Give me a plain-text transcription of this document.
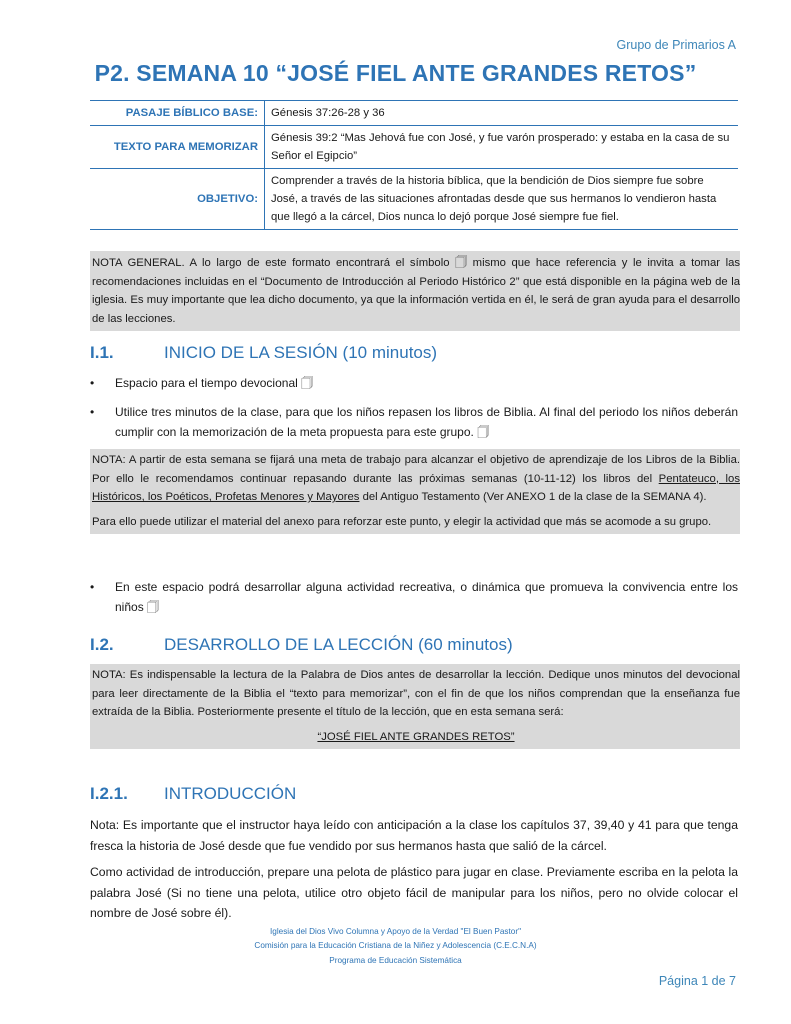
Grupo de Primarios A
P2. SEMANA 10 “JOSÉ FIEL ANTE GRANDES RETOS”
PASAJE BÍBLICO BASE:	Génesis 37:26-28 y 36
TEXTO PARA MEMORIZAR	Génesis 39:2 “Mas Jehová fue con José, y fue varón prosperado: y estaba en la casa de su Señor el Egipcio”
OBJETIVO:	Comprender a través de la historia bíblica, que la bendición de Dios siempre fue sobre José, a través de las situaciones afrontadas desde que sus hermanos lo vendieron hasta que llegó a la cárcel, Dios nunca lo dejó porque José siempre fue fiel.
NOTA GENERAL. A lo largo de este formato encontrará el símbolo 🗍 mismo que hace referencia y le invita a tomar las recomendaciones incluidas en el “Documento de Introducción al Periodo Histórico 2” que está disponible en la página web de la iglesia. Es muy importante que lea dicho documento, ya que la información vertida en él, le será de gran ayuda para el desarrollo de las lecciones.
I.1.	INICIO DE LA SESIÓN (10 minutos)
• Espacio para el tiempo devocional 🗍
• Utilice tres minutos de la clase, para que los niños repasen los libros de Biblia. Al final del periodo los niños deberán cumplir con la memorización de la meta propuesta para este grupo. 🗍
NOTA: A partir de esta semana se fijará una meta de trabajo para alcanzar el objetivo de aprendizaje de los Libros de la Biblia. Por ello le recomendamos continuar repasando durante las próximas semanas (10-11-12) los libros del Pentateuco, los Históricos, los Poéticos, Profetas Menores y Mayores del Antiguo Testamento (Ver ANEXO 1 de la clase de la SEMANA 4).
Para ello puede utilizar el material del anexo para reforzar este punto, y elegir la actividad que más se acomode a su grupo.
• En este espacio podrá desarrollar alguna actividad recreativa, o dinámica que promueva la convivencia entre los niños 🗍
I.2.	DESARROLLO DE LA LECCIÓN (60 minutos)
NOTA: Es indispensable la lectura de la Palabra de Dios antes de desarrollar la lección. Dedique unos minutos del devocional para leer directamente de la Biblia el “texto para memorizar”, con el fin de que los niños comprendan que la enseñanza fue extraída de la Biblia. Posteriormente presente el título de la lección, que en esta semana será:
“JOSÉ FIEL ANTE GRANDES RETOS”
I.2.1. INTRODUCCIÓN
Nota: Es importante que el instructor haya leído con anticipación a la clase los capítulos 37, 39,40 y 41 para que tenga fresca la historia de José desde que fue vendido por sus hermanos hasta que salió de la cárcel.
Como actividad de introducción, prepare una pelota de plástico para jugar en clase. Previamente escriba en la pelota la palabra José (Si no tiene una pelota, utilice otro objeto fácil de manipular para los niños, pero no olvide colocar el nombre de José sobre él).
Iglesia del Dios Vivo Columna y Apoyo de la Verdad "El Buen Pastor"
Comisión para la Educación Cristiana de la Niñez y Adolescencia (C.E.C.N.A)
Programa de Educación Sistemática
Página 1 de 7
